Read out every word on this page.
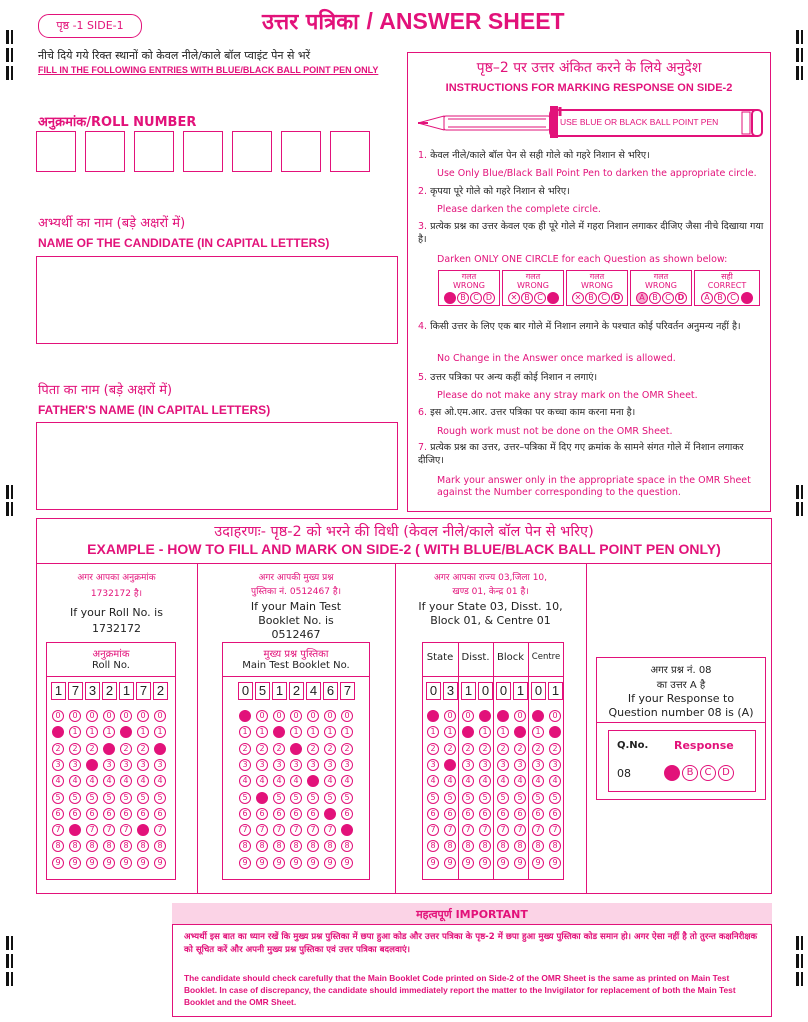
पृष्ठ -1 SIDE-1	उत्तर पत्रिका / ANSWER SHEET
नीचे दिये गये रिक्त स्थानों को केवल नीले/काले बॉल प्वाइंट पेन से भरें
FILL IN THE FOLLOWING ENTRIES WITH BLUE/BLACK BALL POINT PEN ONLY
अनुक्रमांक/ROLL NUMBER
अभ्यर्थी का नाम (बड़े अक्षरों में)
NAME OF THE CANDIDATE (IN CAPITAL LETTERS)
पिता का नाम (बड़े अक्षरों में)
FATHER'S NAME (IN CAPITAL LETTERS)
पृष्ठ–2 पर उत्तर अंकित करने के लिये अनुदेश
INSTRUCTIONS FOR MARKING RESPONSE ON SIDE-2
USE BLUE OR BLACK BALL POINT PEN
1. केवल नीले/काले बॉल पेन से सही गोले को गहरे निशान से भरिए।
Use Only Blue/Black Ball Point Pen to darken the appropriate circle.
2. कृपया पूरे गोले को गहरे निशान से भरिए।
Please darken the complete circle.
3. प्रत्येक प्रश्न का उत्तर केवल एक ही पूरे गोले में गहरा निशान लगाकर दीजिए जैसा नीचे दिखाया गया है।
Darken ONLY ONE CIRCLE for each Question as shown below:
गलत
WRONG
A B C D
गलत
WRONG
✕ B C D
गलत
WRONG
✕ B C D
गलत
WRONG
A B C D
सही
CORRECT
A B C	D
4. किसी उत्तर के लिए एक बार गोले में निशान लगाने के पश्चात कोई परिवर्तन अनुमन्य नहीं है।
No Change in the Answer once marked is allowed.
5. उत्तर पत्रिका पर अन्य कहीं कोई निशान न लगाएं।
Please do not make any stray mark on the OMR Sheet.
6. इस ओ.एम.आर. उत्तर पत्रिका पर कच्चा काम करना मना है।
Rough work must not be done on the OMR Sheet.
7. प्रत्येक प्रश्न का उत्तर, उत्तर–पत्रिका में दिए गए क्रमांक के सामने संगत गोले में निशान लगाकर दीजिए।
Mark your answer only in the appropriate space in the OMR Sheet against the Number corresponding to the question.
उदाहरणः- पृष्ठ-2 को भरने की विधी (केवल नीले/काले बॉल पेन से भरिए)
EXAMPLE - HOW TO FILL AND MARK ON SIDE-2 ( WITH BLUE/BLACK BALL POINT PEN ONLY)
अगर आपका अनुक्रमांक
1732172 है।
If your Roll No. is
1732172
अनुक्रमांक
Roll No.
1 7 3 2 1 7 2
0
1
2
3
4
5
6
7
8
9
0
1
2
3
4
5
6
7
8
9
0
1
2
3
4
5
6
7
8
9
0
1
2
3
4
5
6
7
8
9
0
1
2
3
4
5
6
7
8
9
0
1
2
3
4
5
6
7
8
9
0
1
2
3
4
5
6
7
8
9
अगर आपकी मुख्य प्रश्न
पुस्तिका नं. 0512467 है।
If your Main Test
Booklet No. is
0512467
मुख्य प्रश्न पुस्तिका
Main Test Booklet No.
0 5 1 2 4 6 7
0
1
2
3
4
5
6
7
8
9
0
1
2
3
4
5
6
7
8
9
0
1
2
3
4
5
6
7
8
9
0
1
2
3
4
5
6
7
8
9
0
1
2
3
4
5
6
7
8
9
0
1
2
3
4
5
6
7
8
9
0
1
2
3
4
5
6
7
8
9
अगर आपका राज्य 03,जिला 10,
खण्ड 01, केन्द्र 01 है।
If your State 03, Disst. 10,
Block 01, & Centre 01
State Disst. Block Centre
0 3 1 0 0 1 0 1
0
1
2
3
4
5
6
7
8
9
0
1
2
3
4
5
6
7
8
9
0
1
2
3
4
5
6
7
8
9
0
1
2
3
4
5
6
7
8
9
0
1
2
3
4
5
6
7
8
9
0
1
2
3
4
5
6
7
8
9
0
1
2
3
4
5
6
7
8
9
0
1
2
3
4
5
6
7
8
9
अगर प्रश्न नं. 08
का उत्तर A है
If your Response to
Question number 08 is (A)
Q.No. Response
08	B	C	D
महत्वपूर्ण IMPORTANT
अभ्यर्थी इस बात का ध्यान रखें कि मुख्य प्रश्न पुस्तिका में छपा हुआ कोड और उत्तर पत्रिका के पृष्ठ-2 में छपा हुआ मुख्य पुस्तिका कोड समान हो। अगर ऐसा नहीं है तो तुरन्त कक्षनिरीक्षक को सूचित करें और अपनी मुख्य प्रश्न पुस्तिका एवं उत्तर पत्रिका बदलवाएं।
The candidate should check carefully that the Main Booklet Code printed on Side-2 of the OMR Sheet is the same as printed on Main Test Booklet. In case of discrepancy, the candidate should immediately report the matter to the Invigilator for replacement of both the Main Test Booklet and the OMR Sheet.
